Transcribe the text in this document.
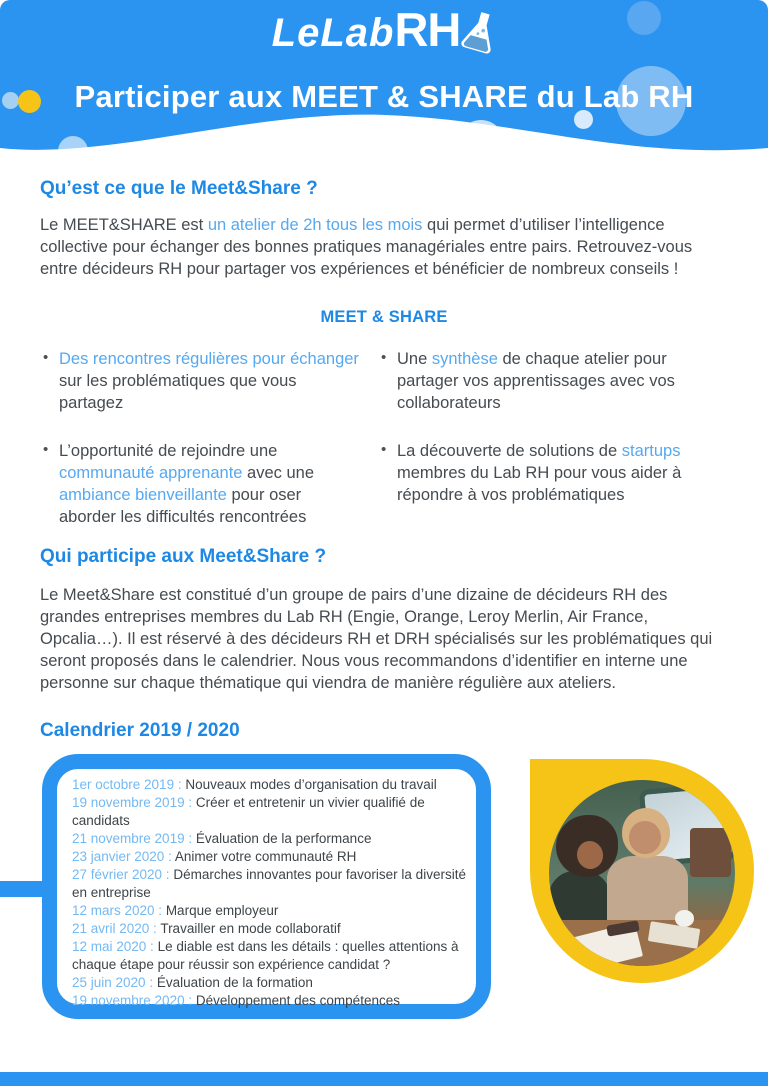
LeLabRH
Participer aux MEET & SHARE du Lab RH
Qu’est ce que le Meet&Share ?

Le MEET&SHARE est un atelier de 2h tous les mois qui permet d’utiliser l’intelligence collective pour échanger des bonnes pratiques managériales entre pairs. Retrouvez-vous entre décideurs RH pour partager vos expériences et bénéficier de nombreux conseils !

MEET & SHARE
• Des rencontres régulières pour échanger sur les problématiques que vous partagez
• Une synthèse de chaque atelier pour partager vos apprentissages avec vos collaborateurs
• L’opportunité de rejoindre une communauté apprenante avec une ambiance bienveillante pour oser aborder les difficultés rencontrées
• La découverte de solutions de startups membres du Lab RH pour vous aider à répondre à vos problématiques
Qui participe aux Meet&Share ?

Le Meet&Share est constitué d’un groupe de pairs d’une dizaine de décideurs RH des grandes entreprises membres du Lab RH (Engie, Orange, Leroy Merlin, Air France, Opcalia…). Il est réservé à des décideurs RH et DRH spécialisés sur les problématiques qui seront proposés dans le calendrier. Nous vous recommandons d’identifier en interne une personne sur chaque thématique qui viendra de manière régulière aux ateliers.

Calendrier 2019 / 2020
1er octobre 2019 : Nouveaux modes d’organisation du travail
19 novembre 2019 : Créer et entretenir un vivier qualifié de candidats
21 novembre 2019 : Évaluation de la performance
23 janvier 2020 : Animer votre communauté RH
27 février 2020 : Démarches innovantes pour favoriser la diversité en entreprise
12 mars 2020 : Marque employeur
21 avril 2020 : Travailler en mode collaboratif
12 mai 2020 : Le diable est dans les détails : quelles attentions à chaque étape pour réussir son expérience candidat ?
25 juin 2020 : Évaluation de la formation
19 novembre 2020 : Développement des compétences
